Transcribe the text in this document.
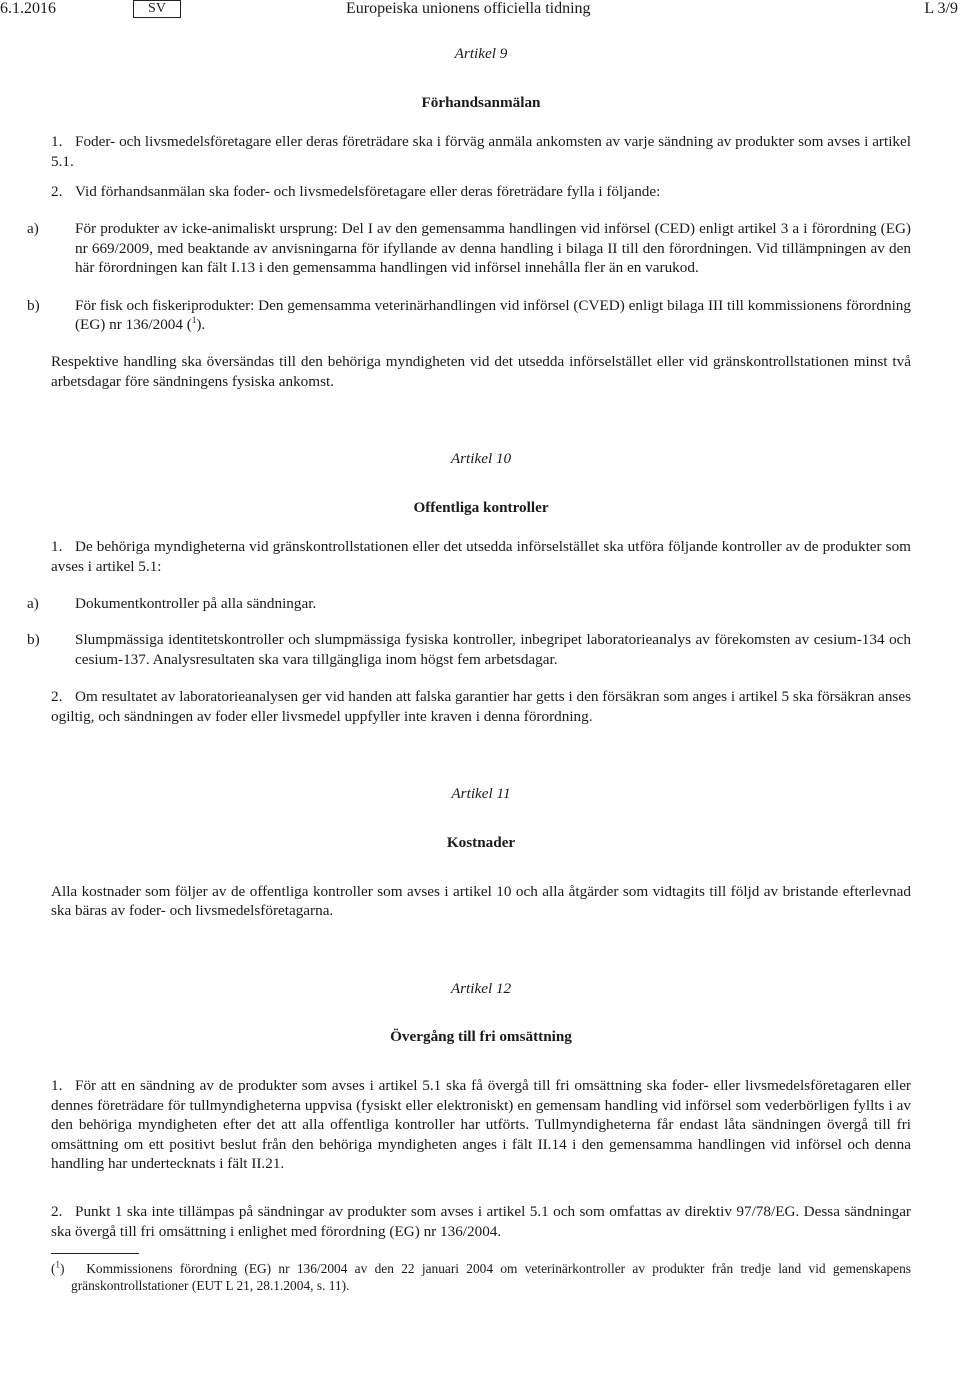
6.1.2016	SV	Europeiska unionens officiella tidning	L 3/9

Artikel 9

Förhandsanmälan

1. Foder- och livsmedelsföretagare eller deras företrädare ska i förväg anmäla ankomsten av varje sändning av produkter som avses i artikel 5.1.

2. Vid förhandsanmälan ska foder- och livsmedelsföretagare eller deras företrädare fylla i följande:

a) För produkter av icke-animaliskt ursprung: Del I av den gemensamma handlingen vid införsel (CED) enligt artikel 3 a i förordning (EG) nr 669/2009, med beaktande av anvisningarna för ifyllande av denna handling i bilaga II till den förordningen. Vid tillämpningen av den här förordningen kan fält I.13 i den gemensamma handlingen vid införsel innehålla fler än en varukod.

b) För fisk och fiskeriprodukter: Den gemensamma veterinärhandlingen vid införsel (CVED) enligt bilaga III till kommissionens förordning (EG) nr 136/2004 ($^1$).

Respektive handling ska översändas till den behöriga myndigheten vid det utsedda införselstället eller vid gränskontrollstationen minst två arbetsdagar före sändningens fysiska ankomst.

Artikel 10

Offentliga kontroller

1. De behöriga myndigheterna vid gränskontrollstationen eller det utsedda införselstället ska utföra följande kontroller av de produkter som avses i artikel 5.1:

a) Dokumentkontroller på alla sändningar.

b) Slumpmässiga identitetskontroller och slumpmässiga fysiska kontroller, inbegripet laboratorieanalys av förekomsten av cesium-134 och cesium-137. Analysresultaten ska vara tillgängliga inom högst fem arbetsdagar.

2. Om resultatet av laboratorieanalysen ger vid handen att falska garantier har getts i den försäkran som anges i artikel 5 ska försäkran anses ogiltig, och sändningen av foder eller livsmedel uppfyller inte kraven i denna förordning.

Artikel 11

Kostnader

Alla kostnader som följer av de offentliga kontroller som avses i artikel 10 och alla åtgärder som vidtagits till följd av bristande efterlevnad ska bäras av foder- och livsmedelsföretagarna.

Artikel 12

Övergång till fri omsättning

1. För att en sändning av de produkter som avses i artikel 5.1 ska få övergå till fri omsättning ska foder- eller livsmedelsföretagaren eller dennes företrädare för tullmyndigheterna uppvisa (fysiskt eller elektroniskt) en gemensam handling vid införsel som vederbörligen fyllts i av den behöriga myndigheten efter det att alla offentliga kontroller har utförts. Tullmyndigheterna får endast låta sändningen övergå till fri omsättning om ett positivt beslut från den behöriga myndigheten anges i fält II.14 i den gemensamma handlingen vid införsel och denna handling har undertecknats i fält II.21.

2. Punkt 1 ska inte tillämpas på sändningar av produkter som avses i artikel 5.1 och som omfattas av direktiv 97/78/EG. Dessa sändningar ska övergå till fri omsättning i enlighet med förordning (EG) nr 136/2004.

($^1$)   Kommissionens förordning (EG) nr 136/2004 av den 22 januari 2004 om veterinärkontroller av produkter från tredje land vid gemenskapens gränskontrollstationer (EUT L 21, 28.1.2004, s. 11).
